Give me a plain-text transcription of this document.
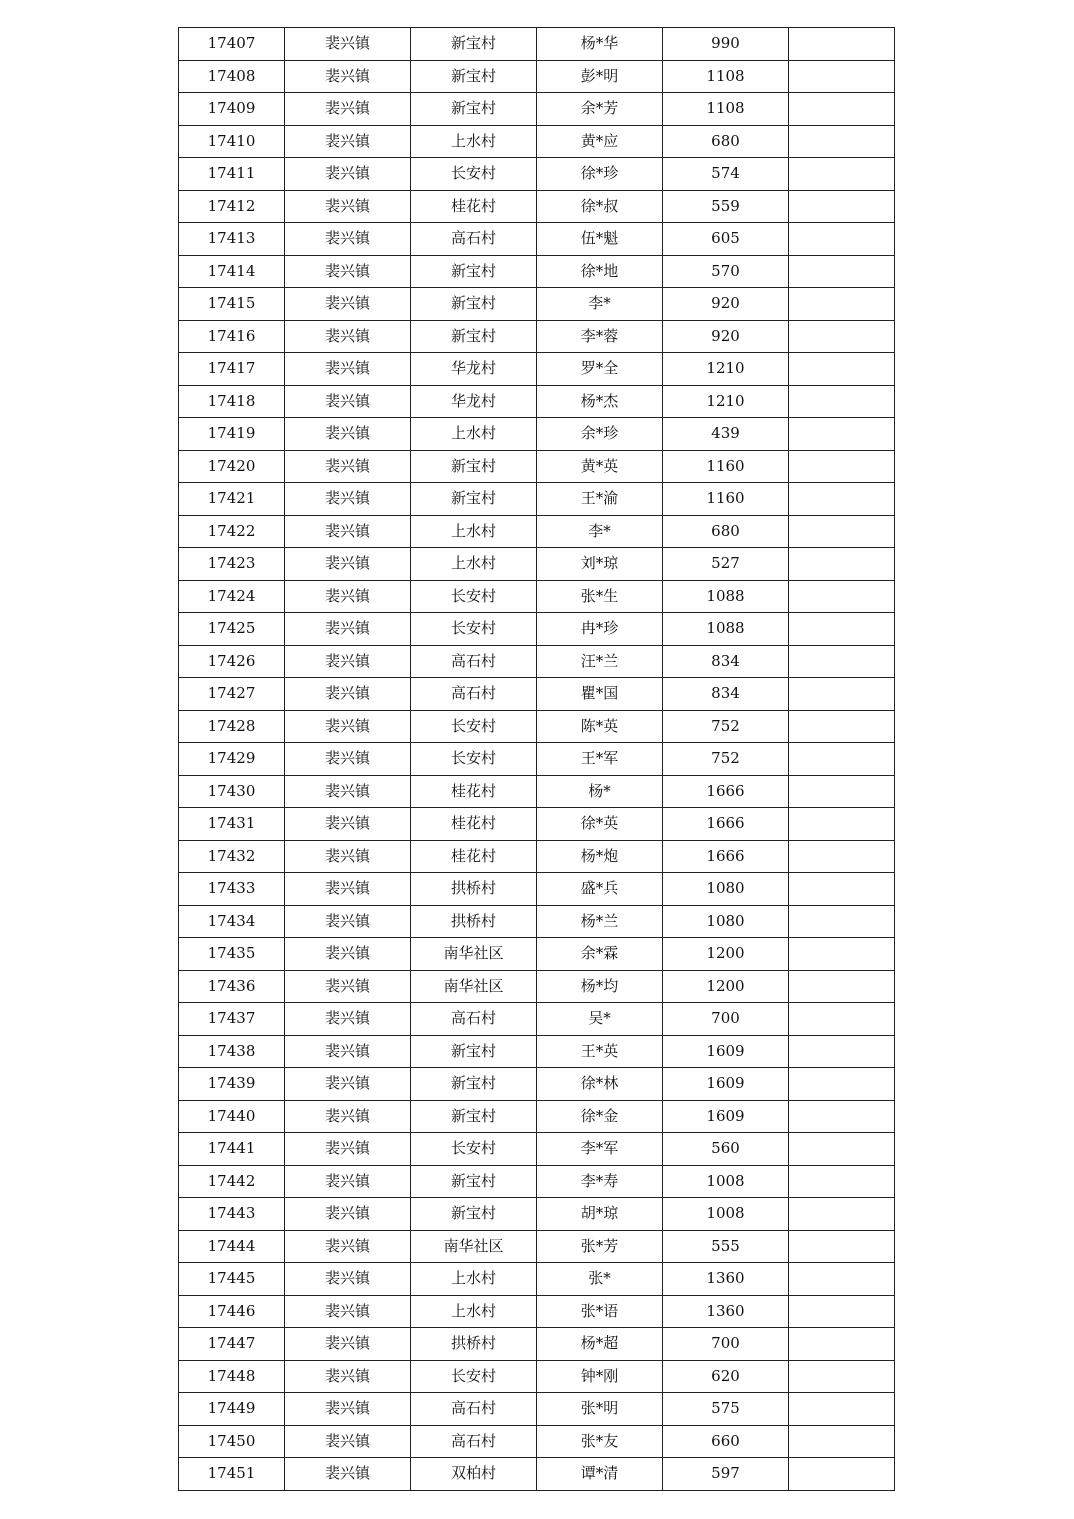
17407	裴兴镇	新宝村	杨*华	990	
17408	裴兴镇	新宝村	彭*明	1108	
17409	裴兴镇	新宝村	余*芳	1108	
17410	裴兴镇	上水村	黄*应	680	
17411	裴兴镇	长安村	徐*珍	574	
17412	裴兴镇	桂花村	徐*叔	559	
17413	裴兴镇	高石村	伍*魁	605	
17414	裴兴镇	新宝村	徐*地	570	
17415	裴兴镇	新宝村	李*	920	
17416	裴兴镇	新宝村	李*蓉	920	
17417	裴兴镇	华龙村	罗*全	1210	
17418	裴兴镇	华龙村	杨*杰	1210	
17419	裴兴镇	上水村	余*珍	439	
17420	裴兴镇	新宝村	黄*英	1160	
17421	裴兴镇	新宝村	王*渝	1160	
17422	裴兴镇	上水村	李*	680	
17423	裴兴镇	上水村	刘*琼	527	
17424	裴兴镇	长安村	张*生	1088	
17425	裴兴镇	长安村	冉*珍	1088	
17426	裴兴镇	高石村	汪*兰	834	
17427	裴兴镇	高石村	瞿*国	834	
17428	裴兴镇	长安村	陈*英	752	
17429	裴兴镇	长安村	王*军	752	
17430	裴兴镇	桂花村	杨*	1666	
17431	裴兴镇	桂花村	徐*英	1666	
17432	裴兴镇	桂花村	杨*炮	1666	
17433	裴兴镇	拱桥村	盛*兵	1080	
17434	裴兴镇	拱桥村	杨*兰	1080	
17435	裴兴镇	南华社区	余*霖	1200	
17436	裴兴镇	南华社区	杨*均	1200	
17437	裴兴镇	高石村	吴*	700	
17438	裴兴镇	新宝村	王*英	1609	
17439	裴兴镇	新宝村	徐*林	1609	
17440	裴兴镇	新宝村	徐*金	1609	
17441	裴兴镇	长安村	李*军	560	
17442	裴兴镇	新宝村	李*寿	1008	
17443	裴兴镇	新宝村	胡*琼	1008	
17444	裴兴镇	南华社区	张*芳	555	
17445	裴兴镇	上水村	张*	1360	
17446	裴兴镇	上水村	张*语	1360	
17447	裴兴镇	拱桥村	杨*超	700	
17448	裴兴镇	长安村	钟*刚	620	
17449	裴兴镇	高石村	张*明	575	
17450	裴兴镇	高石村	张*友	660	
17451	裴兴镇	双柏村	谭*清	597	
